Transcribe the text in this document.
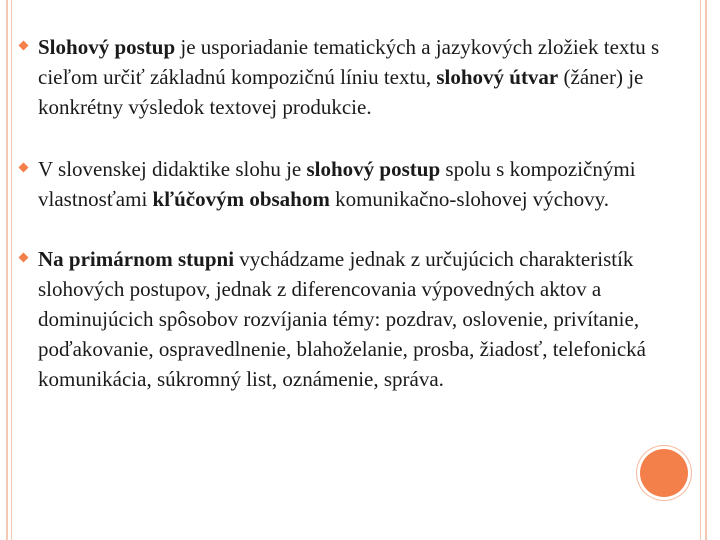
Slohový postup je usporiadanie tematických a jazykových zložiek textu s cieľom určiť základnú kompozičnú líniu textu, slohový útvar (žáner) je konkrétny výsledok textovej produkcie.
V slovenskej didaktike slohu je slohový postup spolu s kompozičnými vlastnosťami kľúčovým obsahom komunikačno-slohovej výchovy.
Na primárnom stupni vychádzame jednak z určujúcich charakteristík slohových postupov, jednak z diferencovania výpovedných aktov a dominujúcich spôsobov rozvíjania témy: pozdrav, oslovenie, privítanie, poďakovanie, ospravedlnenie, blahoželanie, prosba, žiadosť, telefonická komunikácia, súkromný list, oznámenie, správa.
